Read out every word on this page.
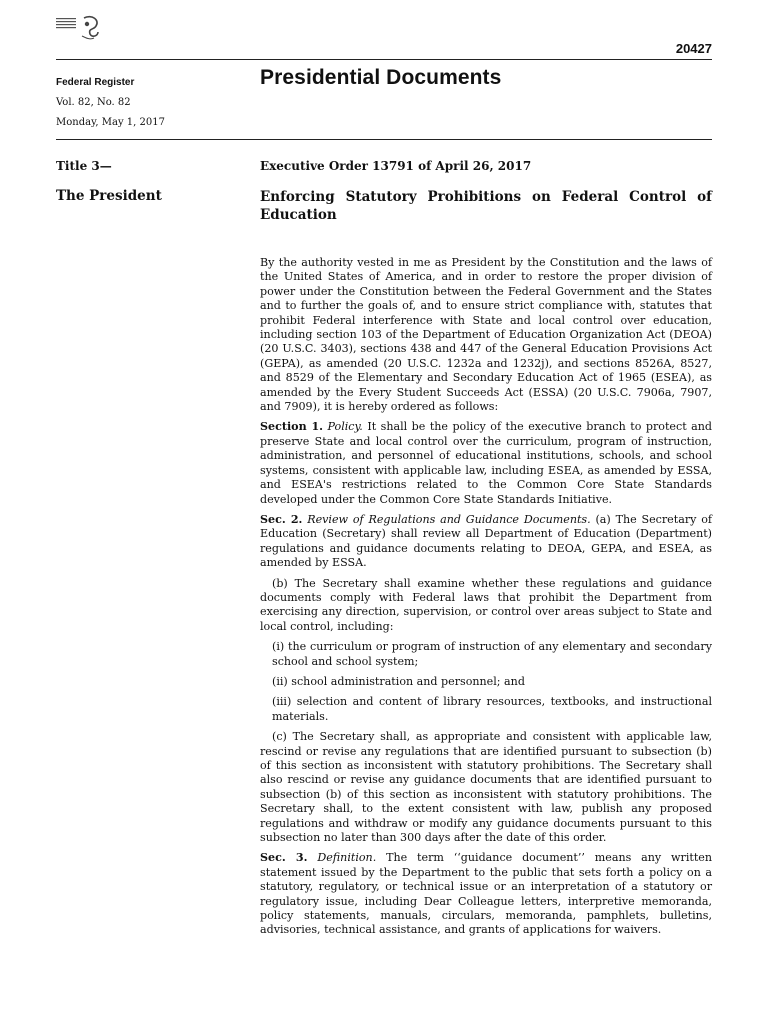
20427
Federal Register
Vol. 82, No. 82
Monday, May 1, 2017
Presidential Documents
Title 3—
The President
Executive Order 13791 of April 26, 2017
Enforcing Statutory Prohibitions on Federal Control of Education

By the authority vested in me as President by the Constitution and the laws of the United States of America, and in order to restore the proper division of power under the Constitution between the Federal Government and the States and to further the goals of, and to ensure strict compliance with, statutes that prohibit Federal interference with State and local control over education, including section 103 of the Department of Education Organization Act (DEOA) (20 U.S.C. 3403), sections 438 and 447 of the General Education Provisions Act (GEPA), as amended (20 U.S.C. 1232a and 1232j), and sections 8526A, 8527, and 8529 of the Elementary and Secondary Education Act of 1965 (ESEA), as amended by the Every Student Succeeds Act (ESSA) (20 U.S.C. 7906a, 7907, and 7909), it is hereby ordered as follows:

Section 1. Policy. It shall be the policy of the executive branch to protect and preserve State and local control over the curriculum, program of instruction, administration, and personnel of educational institutions, schools, and school systems, consistent with applicable law, including ESEA, as amended by ESSA, and ESEA's restrictions related to the Common Core State Standards developed under the Common Core State Standards Initiative.

Sec. 2. Review of Regulations and Guidance Documents. (a) The Secretary of Education (Secretary) shall review all Department of Education (Department) regulations and guidance documents relating to DEOA, GEPA, and ESEA, as amended by ESSA.

(b) The Secretary shall examine whether these regulations and guidance documents comply with Federal laws that prohibit the Department from exercising any direction, supervision, or control over areas subject to State and local control, including:

(i) the curriculum or program of instruction of any elementary and secondary school and school system;

(ii) school administration and personnel; and

(iii) selection and content of library resources, textbooks, and instructional materials.

(c) The Secretary shall, as appropriate and consistent with applicable law, rescind or revise any regulations that are identified pursuant to subsection (b) of this section as inconsistent with statutory prohibitions. The Secretary shall also rescind or revise any guidance documents that are identified pursuant to subsection (b) of this section as inconsistent with statutory prohibitions. The Secretary shall, to the extent consistent with law, publish any proposed regulations and withdraw or modify any guidance documents pursuant to this subsection no later than 300 days after the date of this order.

Sec. 3. Definition. The term ‘‘guidance document’’ means any written statement issued by the Department to the public that sets forth a policy on a statutory, regulatory, or technical issue or an interpretation of a statutory or regulatory issue, including Dear Colleague letters, interpretive memoranda, policy statements, manuals, circulars, memoranda, pamphlets, bulletins, advisories, technical assistance, and grants of applications for waivers.
